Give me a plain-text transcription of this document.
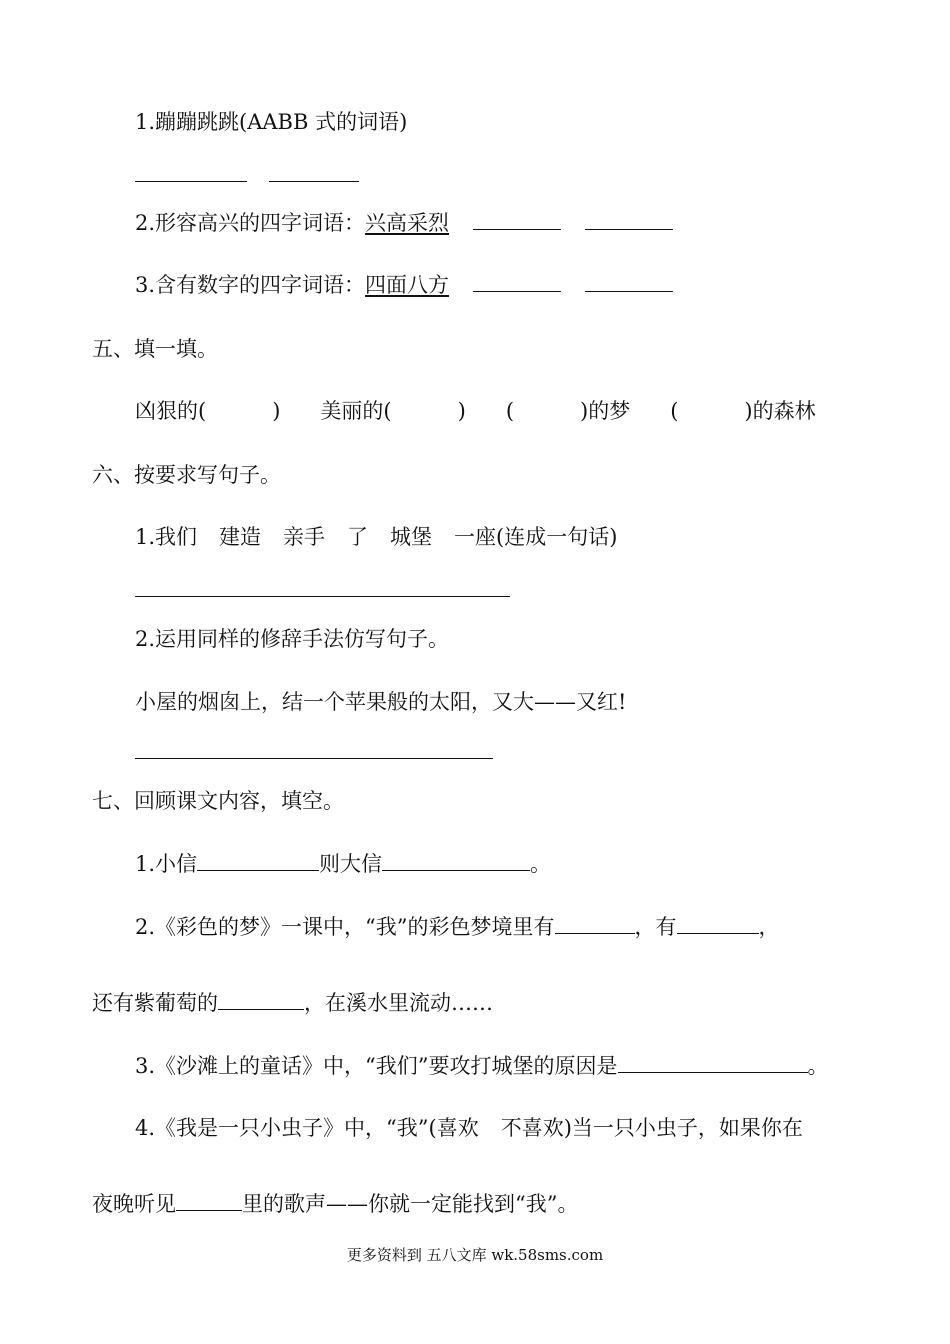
1.蹦蹦跳跳(AABB 式的词语)
2.形容高兴的四字词语：兴高采烈
3.含有数字的四字词语：四面八方
五、填一填。
凶狠的(	) 美丽的(	) (	)的梦 (	)的森林
六、按要求写句子。
1.我们 建造 亲手 了 城堡 一座(连成一句话)
2.运用同样的修辞手法仿写句子。
小屋的烟囱上，结一个苹果般的太阳，又大——又红!
七、回顾课文内容，填空。
1.小信	则大信	。
2.《彩色的梦》一课中，“我”的彩色梦境里有	，有	，
还有紫葡萄的	，在溪水里流动……
3.《沙滩上的童话》中，“我们”要攻打城堡的原因是	。
4.《我是一只小虫子》中，“我”(喜欢 不喜欢)当一只小虫子，如果你在
夜晚听见	里的歌声——你就一定能找到“我”。
更多资料到 五八文库 wk.58sms.com
